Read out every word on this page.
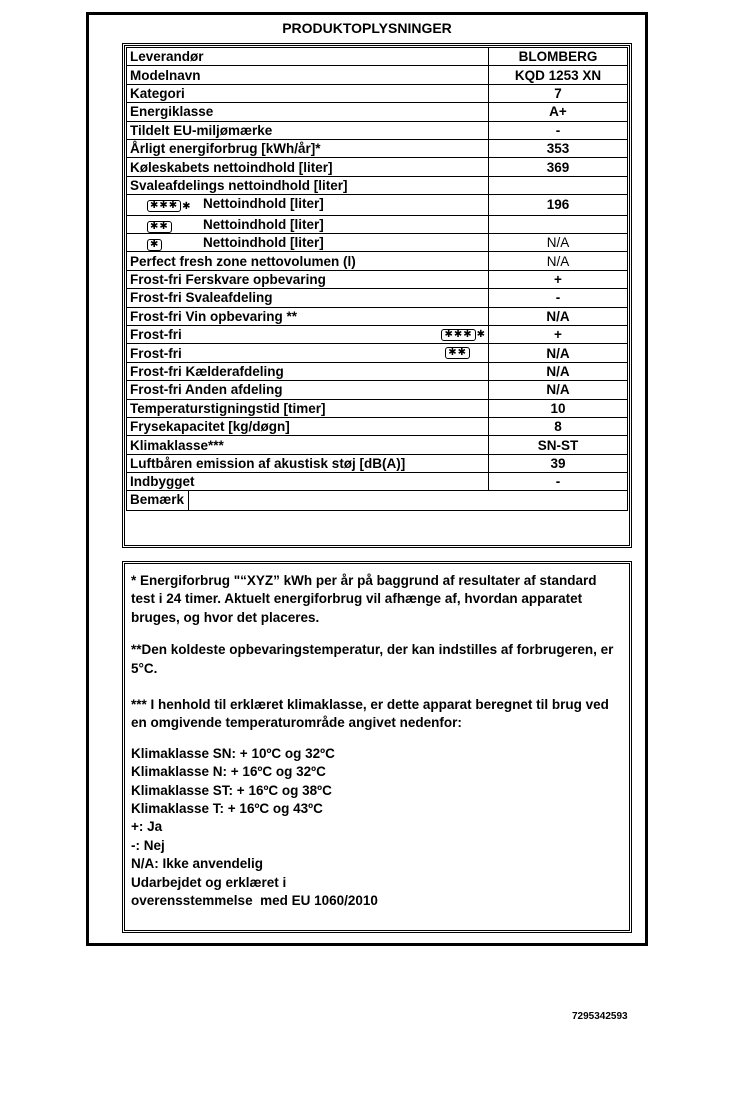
PRODUKTOPLYSNINGER
Leverandør	BLOMBERG
Modelnavn	KQD 1253 XN
Kategori	7
Energiklasse	A+
Tildelt EU-miljømærke	-
Årligt energiforbrug [kWh/år]*	353
Køleskabets nettoindhold [liter]	369
Svaleafdelings nettoindhold [liter]	

✱✱✱ ✱ Nettoindhold [liter]	196

✱✱ Nettoindhold [liter]	

✱ Nettoindhold [liter]	N/A
Perfect fresh zone nettovolumen (l)	N/A
Frost-fri Ferskvare opbevaring	+
Frost-fri Svaleafdeling	-
Frost-fri Vin opbevaring **	N/A

Frost-fri ✱✱✱ ✱	+

Frost-fri ✱✱	N/A
Frost-fri Kælderafdeling	N/A
Frost-fri Anden afdeling	N/A
Temperaturstigningstid [timer]	10
Frysekapacitet [kg/døgn]	8
Klimaklasse***	SN-ST
Luftbåren emission af akustisk støj [dB(A)]	39
Indbygget	-

Bemærk	

* Energiforbrug "“XYZ” kWh per år på baggrund af resultater af standard test i 24 timer. Aktuelt energiforbrug vil afhænge af, hvordan apparatet bruges, og hvor det placeres.

**Den koldeste opbevaringstemperatur, der kan indstilles af forbrugeren, er 5°C.

*** I henhold til erklæret klimaklasse, er dette apparat beregnet til brug ved en omgivende temperaturområde angivet nedenfor:

Klimaklasse SN: + 10ºC og 32ºC

Klimaklasse N: + 16ºC og 32ºC

Klimaklasse ST: + 16ºC og 38ºC

Klimaklasse T: + 16ºC og 43ºC

+: Ja

-: Nej

N/A: Ikke anvendelig

Udarbejdet og erklæret i

overensstemmelse  med EU 1060/2010

7295342593
